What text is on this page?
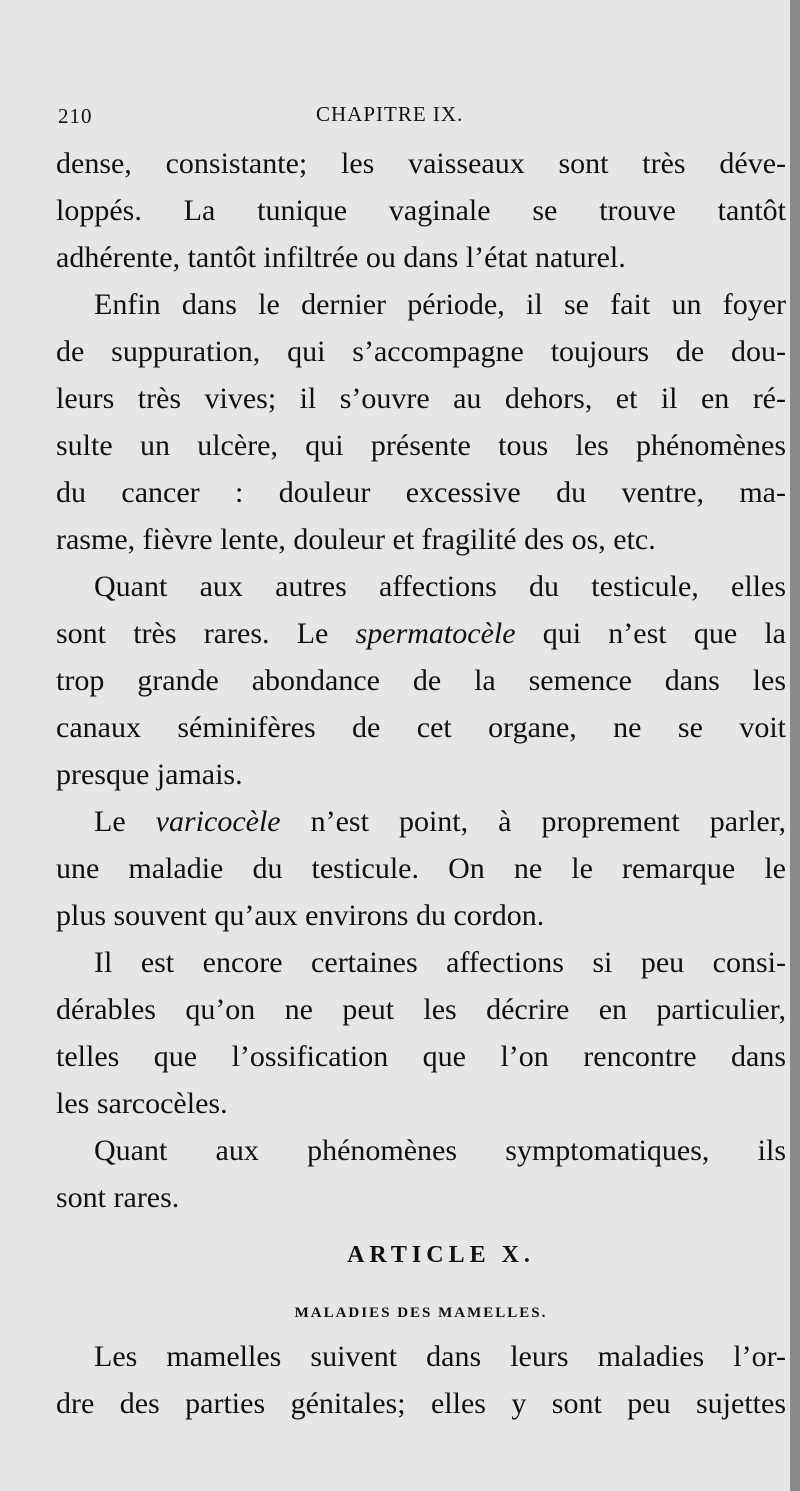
210	CHAPITRE IX.

dense, consistante; les vaisseaux sont très déve-
loppés. La tunique vaginale se trouve tantôt
adhérente, tantôt infiltrée ou dans l’état naturel.

Enfin dans le dernier période, il se fait un foyer
de suppuration, qui s’accompagne toujours de dou-
leurs très vives; il s’ouvre au dehors, et il en ré-
sulte un ulcère, qui présente tous les phénomènes
du cancer : douleur excessive du ventre, ma-
rasme, fièvre lente, douleur et fragilité des os, etc.

Quant aux autres affections du testicule, elles
sont très rares. Le spermatocèle qui n’est que la
trop grande abondance de la semence dans les
canaux séminifères de cet organe, ne se voit
presque jamais.

Le varicocèle n’est point, à proprement parler,
une maladie du testicule. On ne le remarque le
plus souvent qu’aux environs du cordon.

Il est encore certaines affections si peu consi-
dérables qu’on ne peut les décrire en particulier,
telles que l’ossification que l’on rencontre dans
les sarcocèles.

Quant aux phénomènes symptomatiques, ils
sont rares.

ARTICLE X.
MALADIES DES MAMELLES.

Les mamelles suivent dans leurs maladies l’or-
dre des parties génitales; elles y sont peu sujettes
